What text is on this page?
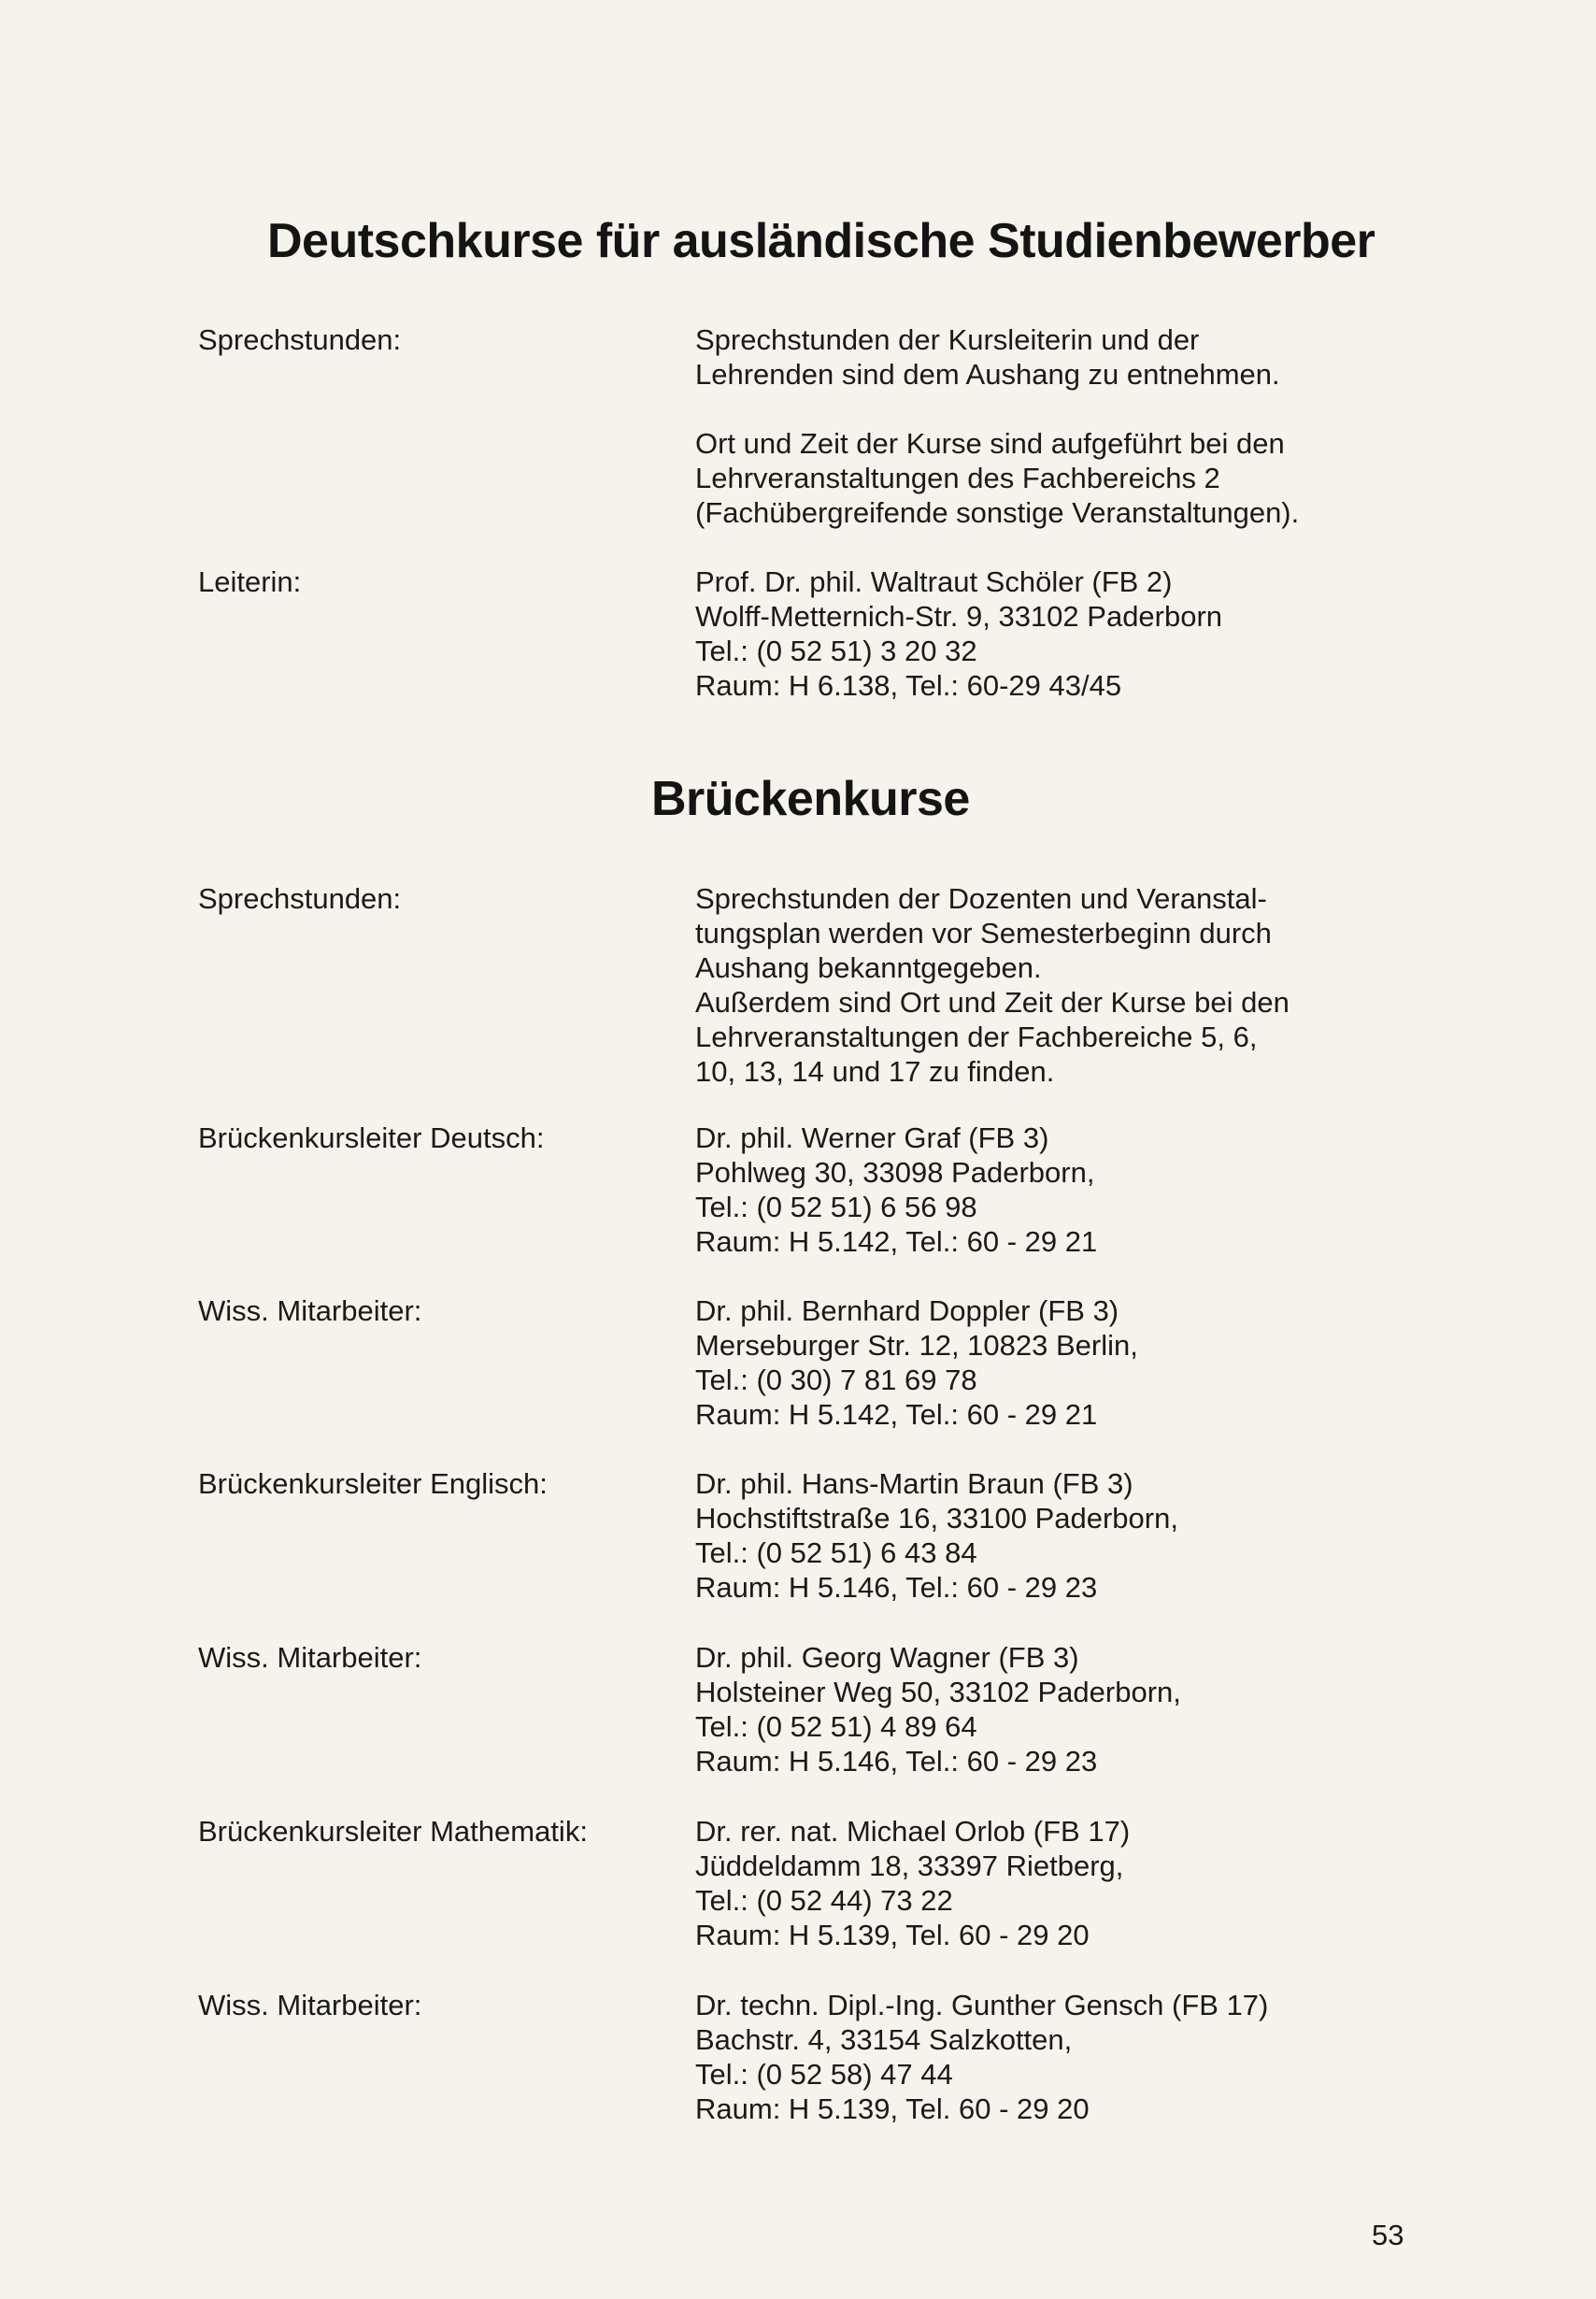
Deutschkurse für ausländische Studienbewerber
Sprechstunden:	Sprechstunden der Kursleiterin und der

Lehrenden sind dem Aushang zu entnehmen.

Ort und Zeit der Kurse sind aufgeführt bei den

Lehrveranstaltungen des Fachbereichs 2

(Fachübergreifende sonstige Veranstaltungen).

Leiterin:	Prof. Dr. phil. Waltraut Schöler (FB 2)

Wolff-Metternich-Str. 9, 33102 Paderborn

Tel.: (0 52 51) 3 20 32

Raum: H 6.138, Tel.: 60-29 43/45

Brückenkurse
Sprechstunden:	Sprechstunden der Dozenten und Veranstal-

tungsplan werden vor Semesterbeginn durch

Aushang bekanntgegeben.

Außerdem sind Ort und Zeit der Kurse bei den

Lehrveranstaltungen der Fachbereiche 5, 6,

10, 13, 14 und 17 zu finden.

Brückenkursleiter Deutsch:	Dr. phil. Werner Graf (FB 3)

Pohlweg 30, 33098 Paderborn,

Tel.: (0 52 51) 6 56 98

Raum: H 5.142, Tel.: 60 - 29 21

Wiss. Mitarbeiter:	Dr. phil. Bernhard Doppler (FB 3)

Merseburger Str. 12, 10823 Berlin,

Tel.: (0 30) 7 81 69 78

Raum: H 5.142, Tel.: 60 - 29 21

Brückenkursleiter Englisch:	Dr. phil. Hans-Martin Braun (FB 3)

Hochstiftstraße 16, 33100 Paderborn,

Tel.: (0 52 51) 6 43 84

Raum: H 5.146, Tel.: 60 - 29 23

Wiss. Mitarbeiter:	Dr. phil. Georg Wagner (FB 3)

Holsteiner Weg 50, 33102 Paderborn,

Tel.: (0 52 51) 4 89 64

Raum: H 5.146, Tel.: 60 - 29 23

Brückenkursleiter Mathematik:	Dr. rer. nat. Michael Orlob (FB 17)

Jüddeldamm 18, 33397 Rietberg,

Tel.: (0 52 44) 73 22

Raum: H 5.139, Tel. 60 - 29 20

Wiss. Mitarbeiter:	Dr. techn. Dipl.-Ing. Gunther Gensch (FB 17)

Bachstr. 4, 33154 Salzkotten,

Tel.: (0 52 58) 47 44

Raum: H 5.139, Tel. 60 - 29 20

53
